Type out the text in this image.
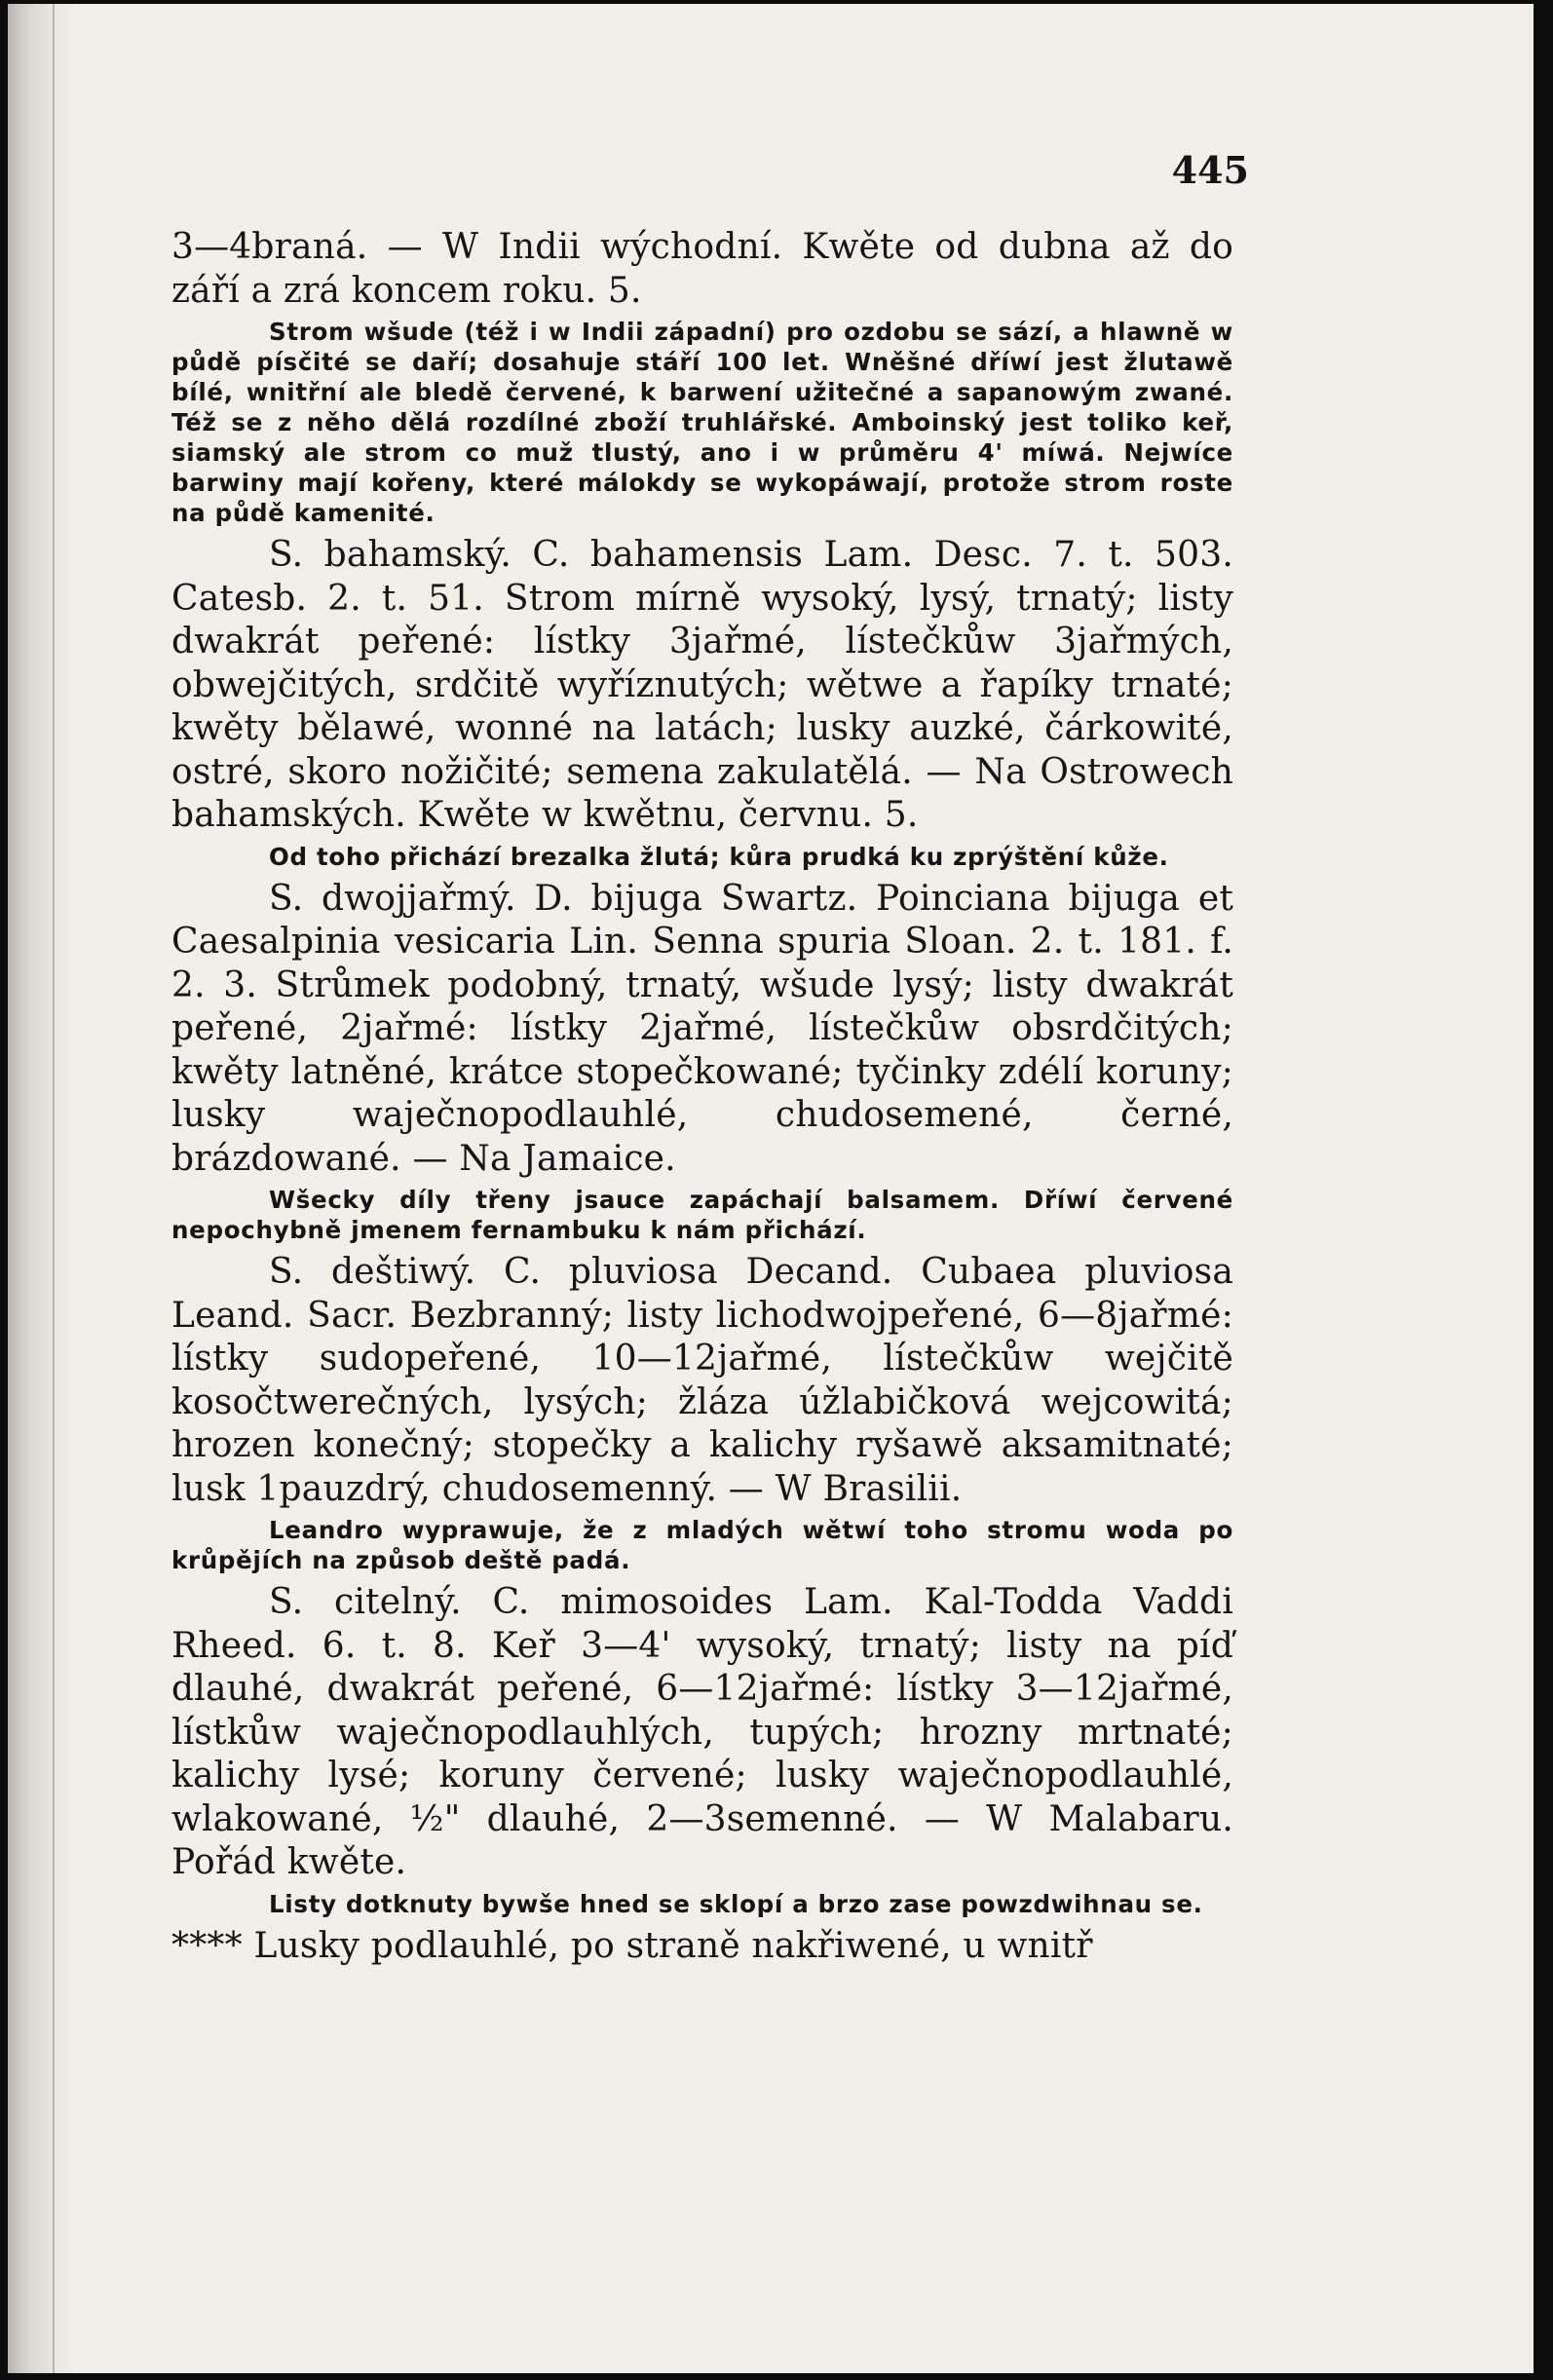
445

3—4braná. — W Indii wýchodní. Kwěte od dubna až do září a zrá koncem roku. 5.

Strom wšude (též i w Indii západní) pro ozdobu se sází, a hlawně w půdě písčité se daří; dosahuje stáří 100 let. Wněšné dříwí jest žlutawě bílé, wnitřní ale bledě červené, k barwení užitečné a sapanowým zwané. Též se z něho dělá rozdílné zboží truhlářské. Amboinský jest toliko keř, siamský ale strom co muž tlustý, ano i w průměru 4' míwá. Nejwíce barwiny mají kořeny, které málokdy se wykopáwají, protože strom roste na půdě kamenité.

S. bahamský. C. bahamensis Lam. Desc. 7. t. 503. Catesb. 2. t. 51. Strom mírně wysoký, lysý, trnatý; listy dwakrát peřené: lístky 3jařmé, lístečkůw 3jařmých, obwejčitých, srdčitě wyříznutých; wětwe a řapíky trnaté; kwěty bělawé, wonné na latách; lusky auzké, čárkowité, ostré, skoro nožičité; semena zakulatělá. — Na Ostrowech bahamských. Kwěte w kwětnu, červnu. 5.

Od toho přichází brezalka žlutá; kůra prudká ku zprýštění kůže.

S. dwojjařmý. D. bijuga Swartz. Poinciana bijuga et Caesalpinia vesicaria Lin. Senna spuria Sloan. 2. t. 181. f. 2. 3. Strůmek podobný, trnatý, wšude lysý; listy dwakrát peřené, 2jařmé: lístky 2jařmé, lístečkůw obsrdčitých; kwěty latněné, krátce stopečkowané; tyčinky zdélí koruny; lusky waječnopodlauhlé, chudosemené, černé, brázdowané. — Na Jamaice.

Wšecky díly třeny jsauce zapáchají balsamem. Dříwí červené nepochybně jmenem fernambuku k nám přichází.

S. deštiwý. C. pluviosa Decand. Cubaea pluviosa Leand. Sacr. Bezbranný; listy lichodwojpeřené, 6—8jařmé: lístky sudopeřené, 10—12jařmé, lístečkůw wejčitě kosočtwerečných, lysých; žláza úžlabičková wejcowitá; hrozen konečný; stopečky a kalichy ryšawě aksamitnaté; lusk 1pauzdrý, chudosemenný. — W Brasilii.

Leandro wyprawuje, že z mladých wětwí toho stromu woda po krůpějích na způsob deště padá.

S. citelný. C. mimosoides Lam. Kal-Todda Vaddi Rheed. 6. t. 8. Keř 3—4' wysoký, trnatý; listy na píď dlauhé, dwakrát peřené, 6—12jařmé: lístky 3—12jařmé, lístkůw waječnopodlauhlých, tupých; hrozny mrtnaté; kalichy lysé; koruny červené; lusky waječnopodlauhlé, wlakowané, ½" dlauhé, 2—3semenné. — W Malabaru. Pořád kwěte.

Listy dotknuty bywše hned se sklopí a brzo zase powzdwihnau se.

**** Lusky podlauhlé, po straně nakřiwené, u wnitř
